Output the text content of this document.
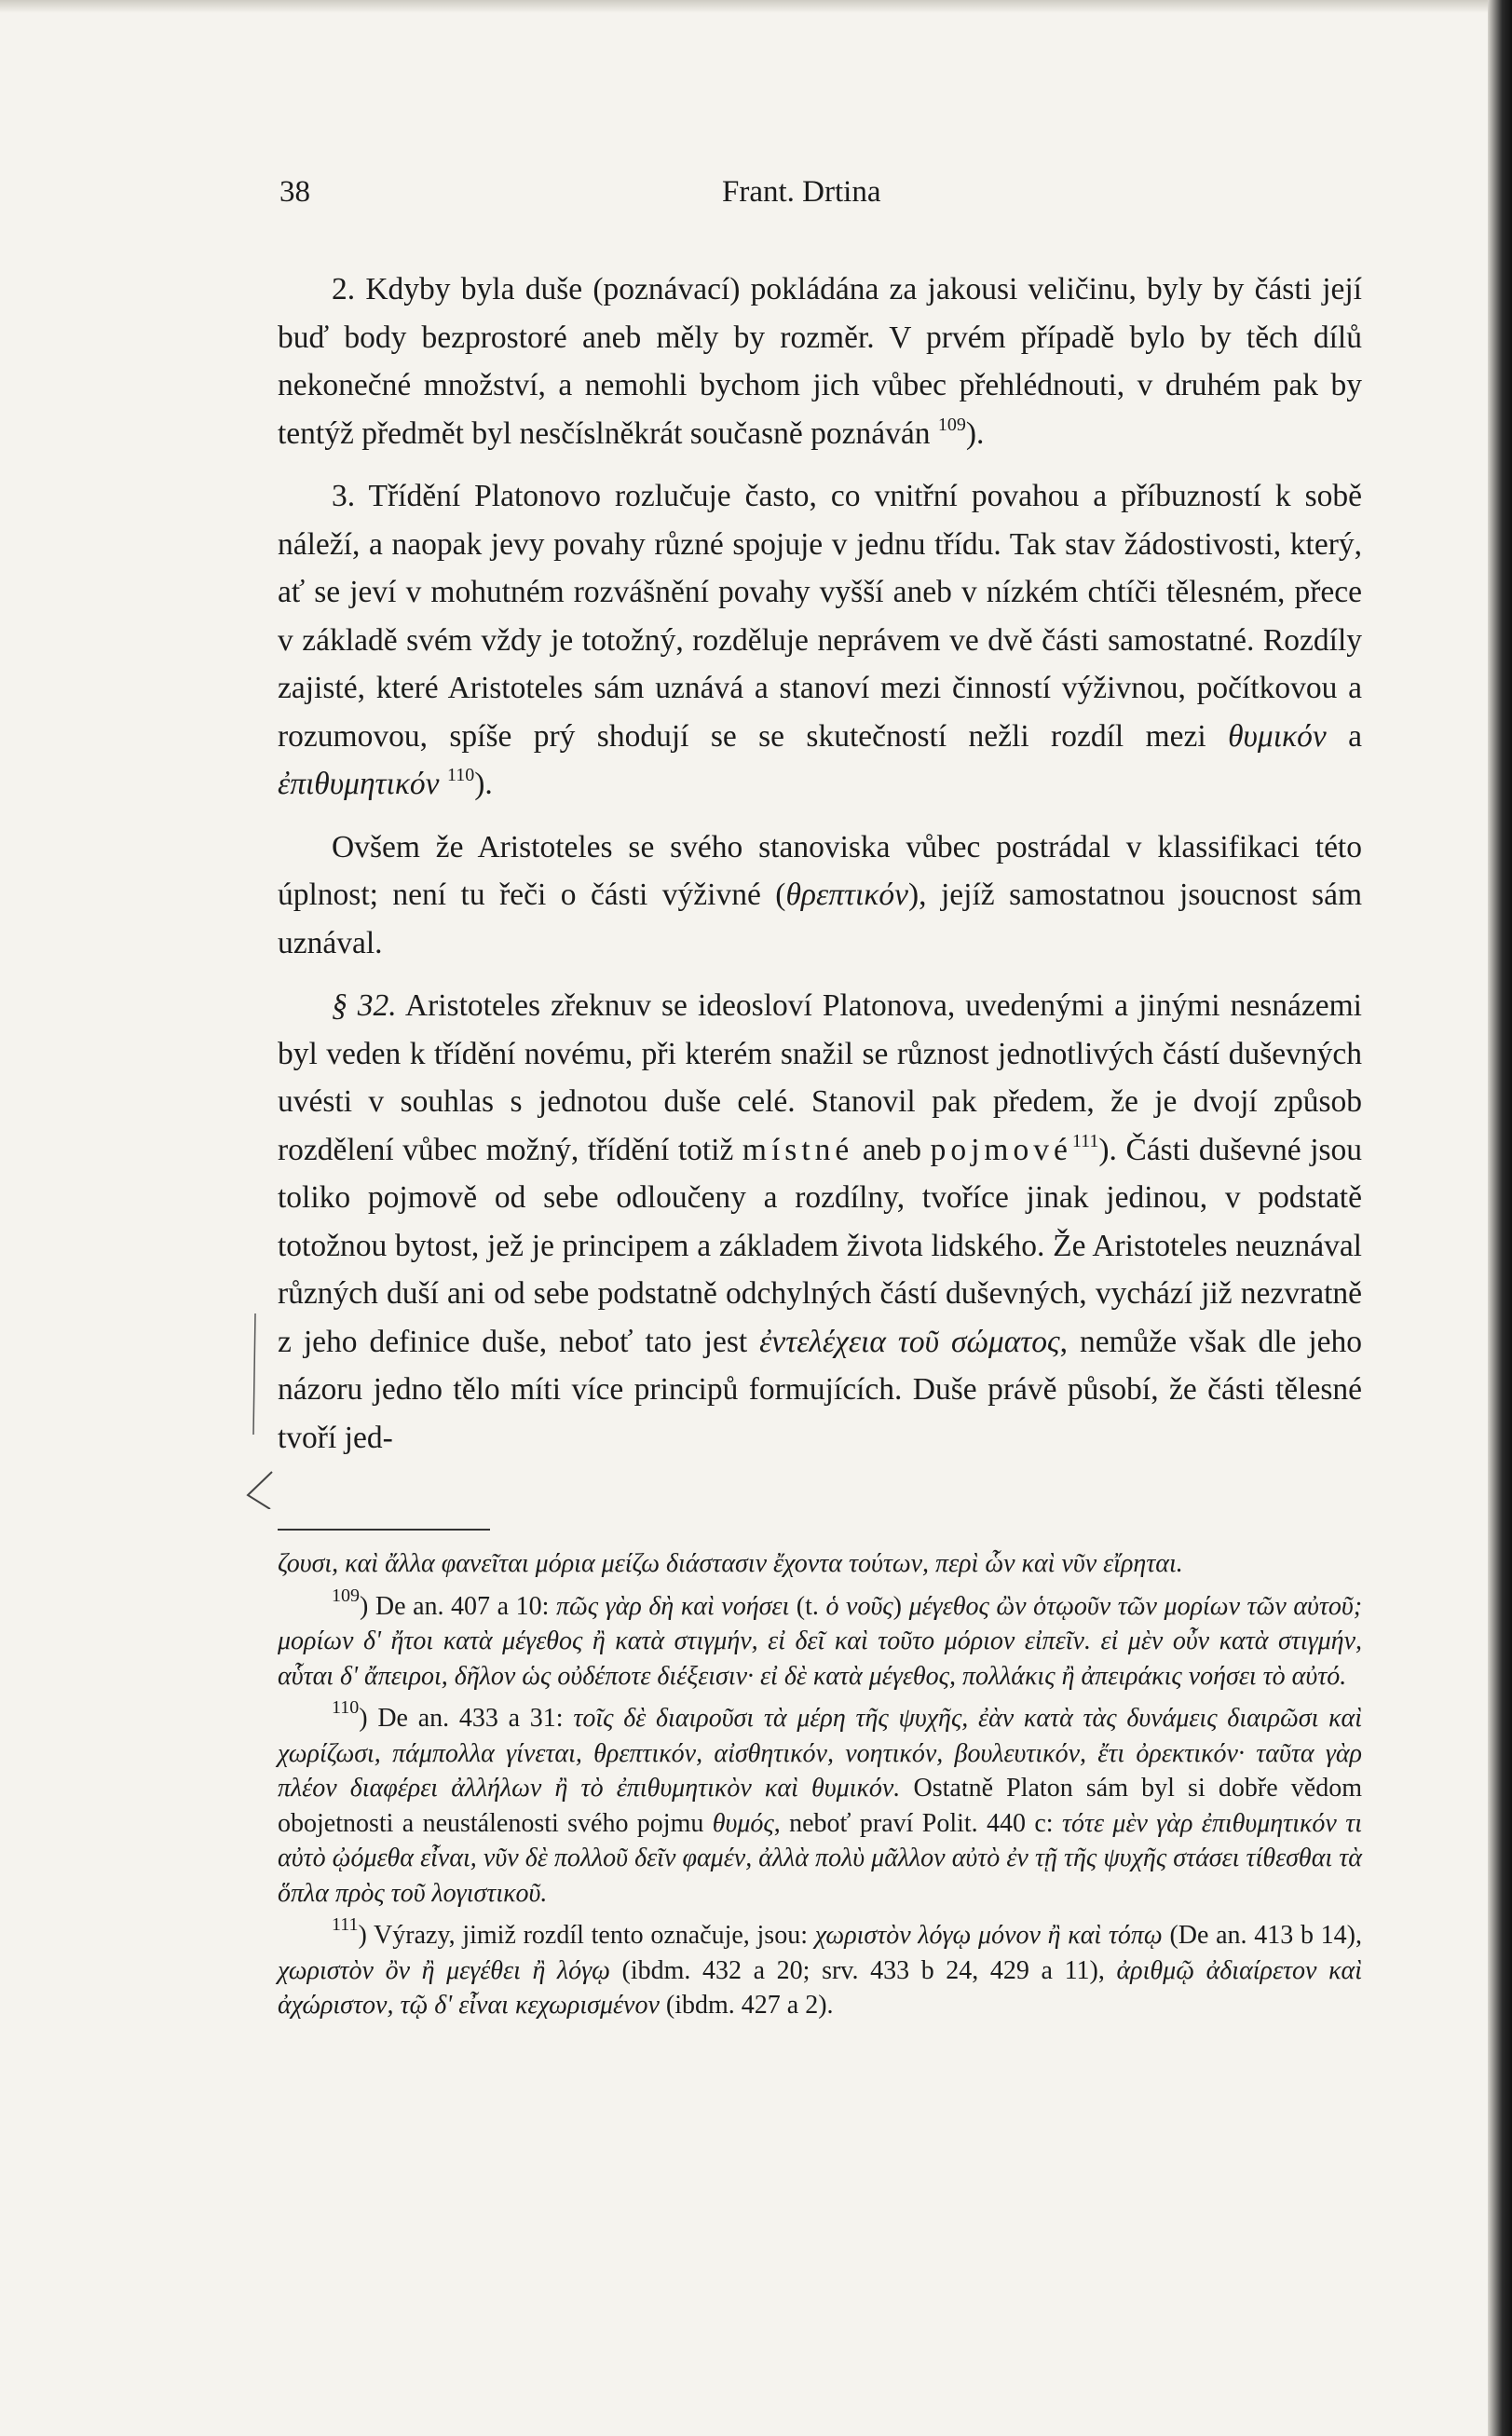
38	Frant. Drtina

2. Kdyby byla duše (poznávací) pokládána za jakousi veličinu, byly by části její buď body bezprostoré aneb měly by rozměr. V prvém případě bylo by těch dílů nekonečné množství, a nemohli bychom jich vůbec přehlédnouti, v druhém pak by tentýž předmět byl nesčíslněkrát současně poznáván $^{109}$).

3. Třídění Platonovo rozlučuje často, co vnitřní povahou a příbuzností k sobě náleží, a naopak jevy povahy různé spojuje v jednu třídu. Tak stav žádostivosti, který, ať se jeví v mohutném rozvášnění povahy vyšší aneb v nízkém chtíči tělesném, přece v základě svém vždy je totožný, rozděluje neprávem ve dvě části samostatné. Rozdíly zajisté, které Aristoteles sám uznává a stanoví mezi činností výživnou, počítkovou a rozumovou, spíše prý shodují se se skutečností nežli rozdíl mezi θυμικόν a ἐπιθυμητικόν $^{110}$).

Ovšem že Aristoteles se svého stanoviska vůbec postrádal v klassifikaci této úplnost; není tu řeči o části výživné (θρεπτικόν), jejíž samostatnou jsoucnost sám uznával.

§ 32. Aristoteles zřeknuv se ideosloví Platonova, uvedenými a jinými nesnázemi byl veden k třídění novému, při kterém snažil se různost jednotlivých částí duševných uvésti v souhlas s jednotou duše celé. Stanovil pak předem, že je dvojí způsob rozdělení vůbec možný, třídění totiž místné aneb pojmové$^{111}$). Části duševné jsou toliko pojmově od sebe odloučeny a rozdílny, tvoříce jinak jedinou, v podstatě totožnou bytost, jež je principem a základem života lidského. Že Aristoteles neuznával různých duší ani od sebe podstatně odchylných částí duševných, vychází již nezvratně z jeho definice duše, neboť tato jest ἐντελέχεια τοῦ σώματος, nemůže však dle jeho názoru jedno tělo míti více principů formujících. Duše právě působí, že části tělesné tvoří jed-

ζουσι, καὶ ἄλλα φανεῖται μόρια μείζω διάστασιν ἔχοντα τούτων, περὶ ὧν καὶ νῦν εἴρηται.

$^{109}$) De an. 407 a 10: πῶς γὰρ δὴ καὶ νοήσει (t. ὁ νοῦς) μέγεθος ὢν ὁτῳοῦν τῶν μορίων τῶν αὐτοῦ; μορίων δ' ἤτοι κατὰ μέγεθος ἢ κατὰ στιγμήν, εἰ δεῖ καὶ τοῦτο μόριον εἰπεῖν. εἰ μὲν οὖν κατὰ στιγμήν, αὗται δ' ἄπειροι, δῆλον ὡς οὐδέποτε διέξεισιν· εἰ δὲ κατὰ μέγεθος, πολλάκις ἢ ἀπειράκις νοήσει τὸ αὐτό.

$^{110}$) De an. 433 a 31: τοῖς δὲ διαιροῦσι τὰ μέρη τῆς ψυχῆς, ἐὰν κατὰ τὰς δυνάμεις διαιρῶσι καὶ χωρίζωσι, πάμπολλα γίνεται, θρεπτικόν, αἰσθητικόν, νοητικόν, βουλευτικόν, ἔτι ὀρεκτικόν· ταῦτα γὰρ πλέον διαφέρει ἀλλήλων ἢ τὸ ἐπιθυμητικὸν καὶ θυμικόν. Ostatně Platon sám byl si dobře vědom obojetnosti a neustálenosti svého pojmu θυμός, neboť praví Polit. 440 c: τότε μὲν γὰρ ἐπιθυμητικόν τι αὐτὸ ᾠόμεθα εἶναι, νῦν δὲ πολλοῦ δεῖν φαμέν, ἀλλὰ πολὺ μᾶλλον αὐτὸ ἐν τῇ τῆς ψυχῆς στάσει τίθεσθαι τὰ ὅπλα πρὸς τοῦ λογιστικοῦ.

$^{111}$) Výrazy, jimiž rozdíl tento označuje, jsou: χωριστὸν λόγῳ μόνον ἢ καὶ τόπῳ (De an. 413 b 14), χωριστὸν ὂν ἢ μεγέθει ἢ λόγῳ (ibdm. 432 a 20; srv. 433 b 24, 429 a 11), ἀριθμῷ ἀδιαίρετον καὶ ἀχώριστον, τῷ δ' εἶναι κεχωρισμένον (ibdm. 427 a 2).
